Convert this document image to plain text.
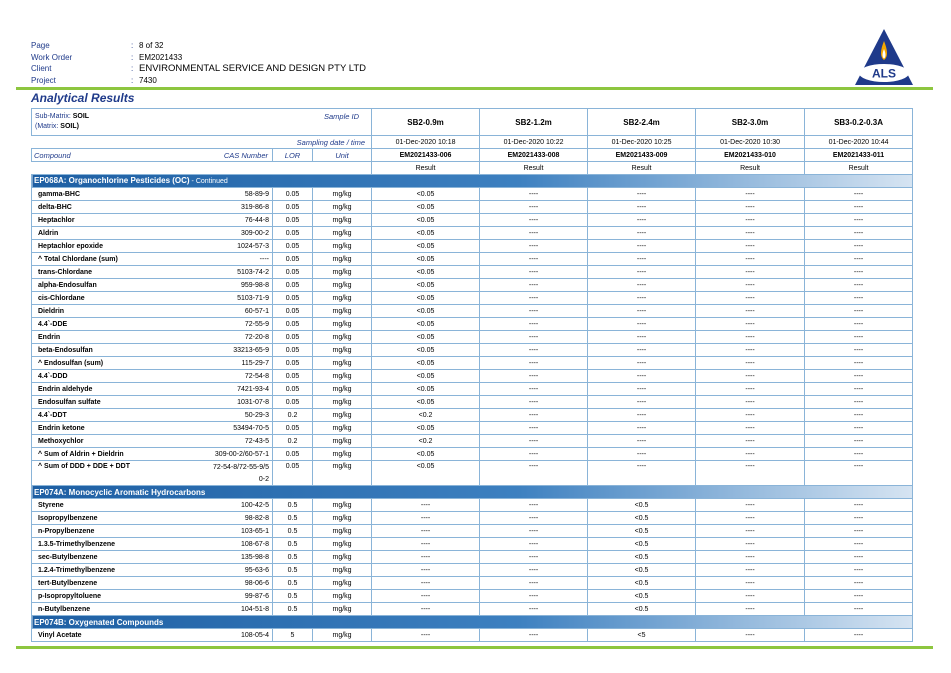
Page	: 8 of 32
Work Order	: EM2021433
Client	: ENVIRONMENTAL SERVICE AND DESIGN PTY LTD
Project	: 7430	ALS
Analytical Results
Sub-Matrix: SOIL
(Matrix: SOIL)
Sample ID			SB2-0.9m	SB2-1.2m	SB2-2.4m	SB2-3.0m	SB3-0.2-0.3A
Sampling date / time			01-Dec-2020 10:18	01-Dec-2020 10:22	01-Dec-2020 10:25	01-Dec-2020 10:30	01-Dec-2020 10:44
Compound CAS Number	LOR	Unit	EM2021433-006	EM2021433-008	EM2021433-009	EM2021433-010	EM2021433-011
			Result	Result	Result	Result	Result
EP068A: Organochlorine Pesticides (OC) - Continued							
gamma-BHC 58-89-9	0.05	mg/kg	<0.05	----	----	----	----
delta-BHC 319-86-8	0.05	mg/kg	<0.05	----	----	----	----
Heptachlor 76-44-8	0.05	mg/kg	<0.05	----	----	----	----
Aldrin 309-00-2	0.05	mg/kg	<0.05	----	----	----	----
Heptachlor epoxide 1024-57-3	0.05	mg/kg	<0.05	----	----	----	----
^ Total Chlordane (sum) ----	0.05	mg/kg	<0.05	----	----	----	----
trans-Chlordane 5103-74-2	0.05	mg/kg	<0.05	----	----	----	----
alpha-Endosulfan 959-98-8	0.05	mg/kg	<0.05	----	----	----	----
cis-Chlordane 5103-71-9	0.05	mg/kg	<0.05	----	----	----	----
Dieldrin 60-57-1	0.05	mg/kg	<0.05	----	----	----	----
4.4`-DDE 72-55-9	0.05	mg/kg	<0.05	----	----	----	----
Endrin 72-20-8	0.05	mg/kg	<0.05	----	----	----	----
beta-Endosulfan 33213-65-9	0.05	mg/kg	<0.05	----	----	----	----
^ Endosulfan (sum) 115-29-7	0.05	mg/kg	<0.05	----	----	----	----
4.4`-DDD 72-54-8	0.05	mg/kg	<0.05	----	----	----	----
Endrin aldehyde 7421-93-4	0.05	mg/kg	<0.05	----	----	----	----
Endosulfan sulfate 1031-07-8	0.05	mg/kg	<0.05	----	----	----	----
4.4`-DDT 50-29-3	0.2	mg/kg	<0.2	----	----	----	----
Endrin ketone 53494-70-5	0.05	mg/kg	<0.05	----	----	----	----
Methoxychlor 72-43-5	0.2	mg/kg	<0.2	----	----	----	----
^ Sum of Aldrin + Dieldrin 309-00-2/60-57-1	0.05	mg/kg	<0.05	----	----	----	----
^ Sum of DDD + DDE + DDT 72-54-8/72-55-9/5
0-2	0.05	mg/kg	<0.05	----	----	----	----
EP074A: Monocyclic Aromatic Hydrocarbons							
Styrene 100-42-5	0.5	mg/kg	----	----	<0.5	----	----
Isopropylbenzene 98-82-8	0.5	mg/kg	----	----	<0.5	----	----
n-Propylbenzene 103-65-1	0.5	mg/kg	----	----	<0.5	----	----
1.3.5-Trimethylbenzene 108-67-8	0.5	mg/kg	----	----	<0.5	----	----
sec-Butylbenzene 135-98-8	0.5	mg/kg	----	----	<0.5	----	----
1.2.4-Trimethylbenzene 95-63-6	0.5	mg/kg	----	----	<0.5	----	----
tert-Butylbenzene 98-06-6	0.5	mg/kg	----	----	<0.5	----	----
p-Isopropyltoluene 99-87-6	0.5	mg/kg	----	----	<0.5	----	----
n-Butylbenzene 104-51-8	0.5	mg/kg	----	----	<0.5	----	----
EP074B: Oxygenated Compounds							
Vinyl Acetate 108-05-4	5	mg/kg	----	----	<5	----	----
